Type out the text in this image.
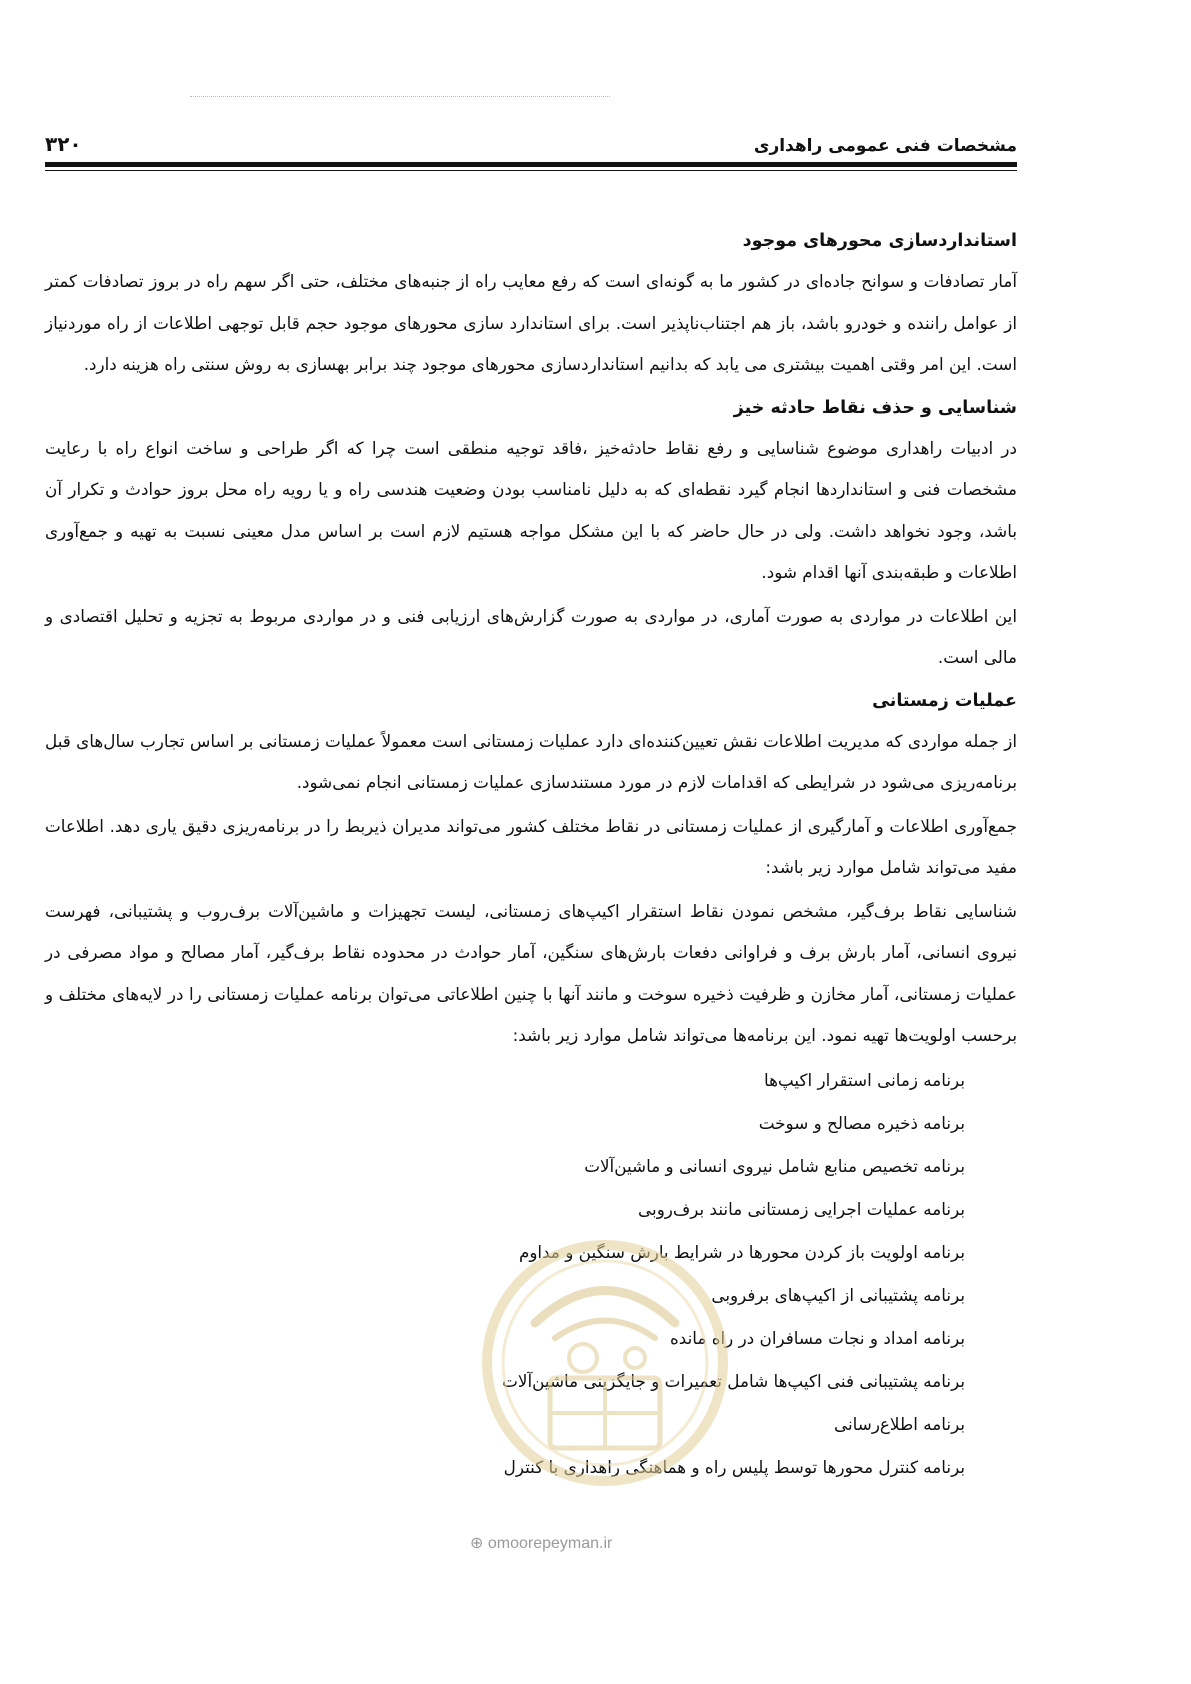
مشخصات فنی عمومی راهداری
۳۲۰
استانداردسازی محورهای موجود

آمار تصادفات و سوانح جاده‌ای در کشور ما به گونه‌ای است که رفع معایب راه از جنبه‌های مختلف، حتی اگر سهم راه در بروز تصادفات کمتر از عوامل راننده و خودرو باشد، باز هم اجتناب‌ناپذیر است. برای استاندارد سازی محورهای موجود حجم قابل توجهی اطلاعات از راه موردنیاز است. این امر وقتی اهمیت بیشتری می یابد که بدانیم استانداردسازی محورهای موجود چند برابر بهسازی به روش سنتی راه هزینه دارد.

شناسایی و حذف نقاط حادثه خیز

در ادبیات راهداری موضوع شناسایی و رفع نقاط حادثه‌خیز ،فاقد توجیه منطقی است چرا که اگر طراحی و ساخت انواع راه با رعایت مشخصات فنی و استانداردها انجام گیرد نقطه‌ای که به دلیل نامناسب بودن وضعیت هندسی راه و یا رویه راه محل بروز حوادث و تکرار آن باشد، وجود نخواهد داشت. ولی در حال حاضر که با این مشکل مواجه هستیم لازم است بر اساس مدل معینی نسبت به تهیه و جمع‌آوری اطلاعات و طبقه‌بندی آنها اقدام شود.

این اطلاعات در مواردی به صورت آماری، در مواردی به صورت گزارش‌های ارزیابی فنی و در مواردی مربوط به تجزیه و تحلیل اقتصادی و مالی است.

عملیات زمستانی

از جمله مواردی که مدیریت اطلاعات نقش تعیین‌کننده‌ای دارد عملیات زمستانی است معمولاً عملیات زمستانی بر اساس تجارب سال‌های قبل برنامه‌ریزی می‌شود در شرایطی که اقدامات لازم در مورد مستندسازی عملیات زمستانی انجام نمی‌شود.

جمع‌آوری اطلاعات و آمارگیری از عملیات زمستانی در نقاط مختلف کشور می‌تواند مدیران ذیربط را در برنامه‌ریزی دقیق یاری دهد. اطلاعات مفید می‌تواند شامل موارد زیر باشد:

شناسایی نقاط برف‌گیر، مشخص نمودن نقاط استقرار اکیپ‌های زمستانی، لیست تجهیزات و ماشین‌آلات برف‌روب و پشتیبانی، فهرست نیروی انسانی، آمار بارش برف و فراوانی دفعات بارش‌های سنگین، آمار حوادث در محدوده نقاط برف‌گیر، آمار مصالح و مواد مصرفی در عملیات زمستانی، آمار مخازن و ظرفیت ذخیره سوخت و مانند آنها با چنین اطلاعاتی می‌توان برنامه عملیات زمستانی را در لایه‌های مختلف و برحسب اولویت‌ها تهیه نمود. این برنامه‌ها می‌تواند شامل موارد زیر باشد:

برنامه زمانی استقرار اکیپ‌ها
برنامه ذخیره مصالح و سوخت
برنامه تخصیص منابع شامل نیروی انسانی و ماشین‌آلات
برنامه عملیات اجرایی زمستانی مانند برف‌روبی
برنامه اولویت باز کردن محورها در شرایط بارش سنگین و مداوم
برنامه پشتیبانی از اکیپ‌های برفروبی
برنامه امداد و نجات مسافران در راه مانده
برنامه پشتیبانی فنی اکیپ‌ها شامل تعمیرات و جایگزینی ماشین‌آلات
برنامه اطلاع‌رسانی
برنامه کنترل محورها توسط پلیس راه و هماهنگی راهداری با کنترل
⊕ omoorepeyman.ir
